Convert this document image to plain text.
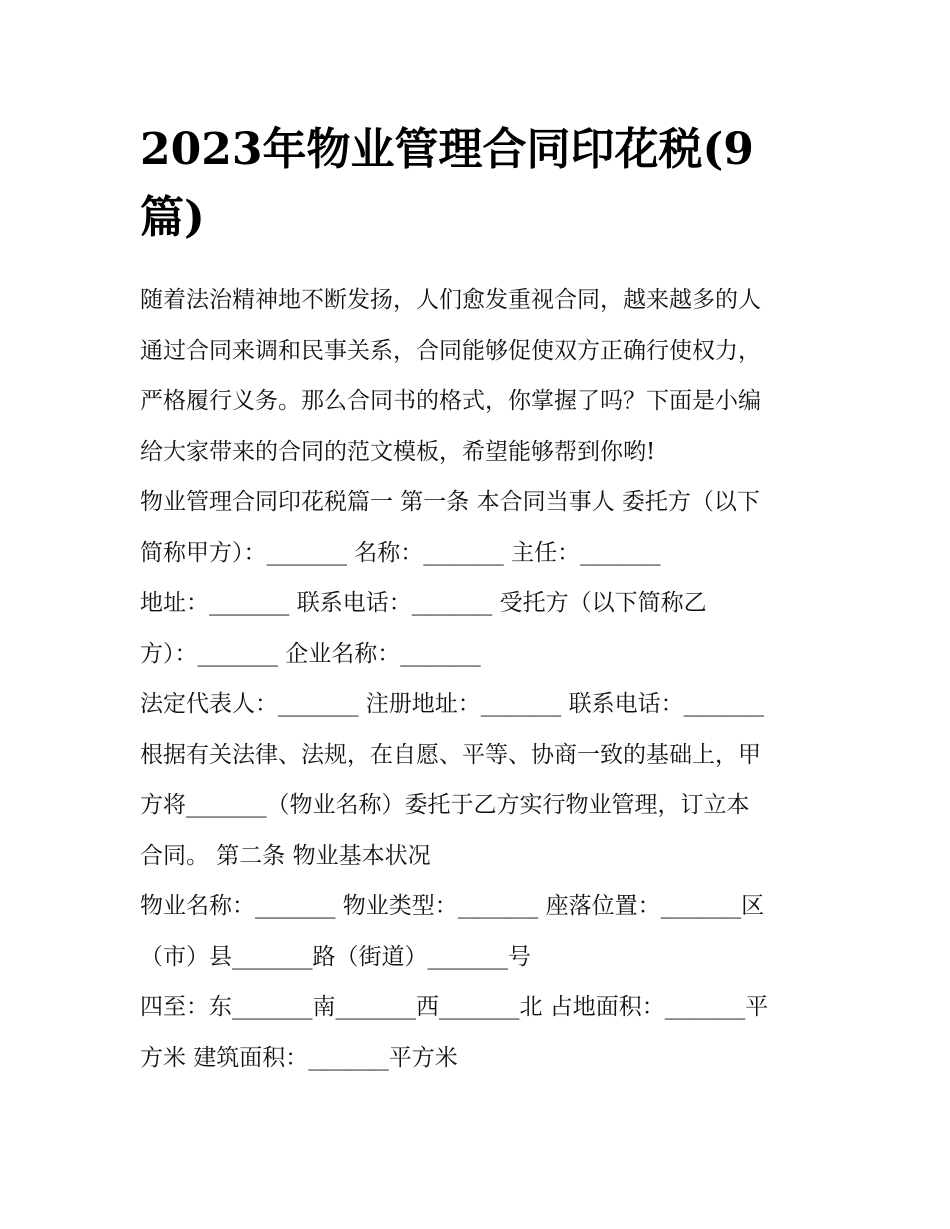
2023年物业管理合同印花税(9
篇)
随着法治精神地不断发扬，人们愈发重视合同，越来越多的人
通过合同来调和民事关系，合同能够促使双方正确行使权力，
严格履行义务。那么合同书的格式，你掌握了吗？下面是小编
给大家带来的合同的范文模板，希望能够帮到你哟!
物业管理合同印花税篇一 第一条 本合同当事人 委托方（以下
简称甲方）：_______ 名称：_______ 主任：_______
地址：_______ 联系电话：_______ 受托方（以下简称乙
方）：_______ 企业名称：_______
法定代表人：_______ 注册地址：_______ 联系电话：_______
根据有关法律、法规，在自愿、平等、协商一致的基础上，甲
方将_______（物业名称）委托于乙方实行物业管理，订立本
合同。 第二条 物业基本状况
物业名称：_______ 物业类型：_______ 座落位置：_______区
（市）县_______路（街道）_______号
四至：东_______南_______西_______北 占地面积：_______平
方米 建筑面积：_______平方米
